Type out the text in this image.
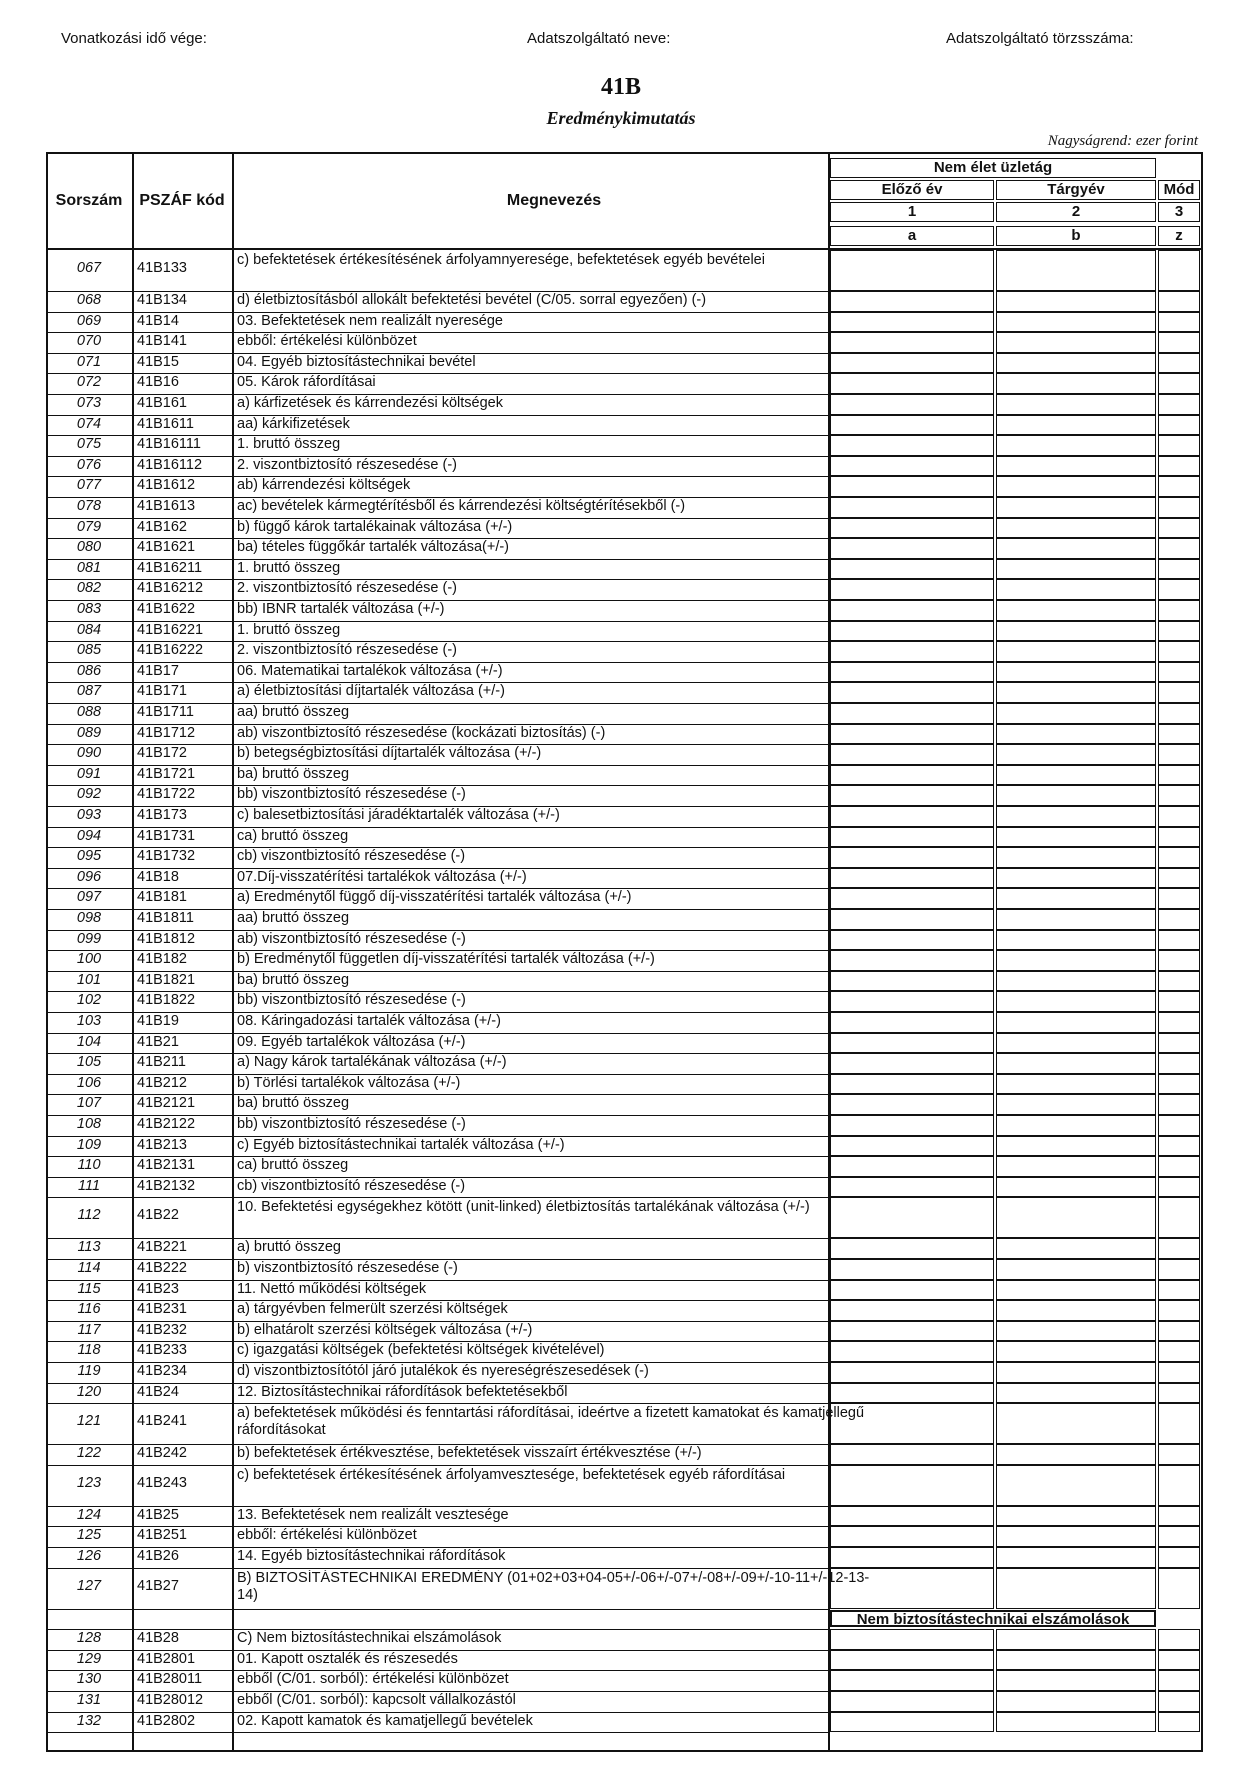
Vonatkozási idő vége:	Adatszolgáltató neve:	Adatszolgáltató törzsszáma:
41B
Eredménykimutatás
Nagyságrend: ezer forint
Sorszám	PSZÁF kód	Megnevezés
Nem élet üzletág
Előző év	Tárgyév	Mód
1	2	3
a	b	z
067	41B133	c) befektetések értékesítésének árfolyamnyeresége, befektetések egyéb bevételei
068	41B134	d) életbiztosításból allokált befektetési bevétel (C/05. sorral egyezően) (-)
069	41B14	03. Befektetések nem realizált nyeresége
070	41B141	ebből: értékelési különbözet
071	41B15	04. Egyéb biztosítástechnikai bevétel
072	41B16	05. Károk ráfordításai
073	41B161	a) kárfizetések és kárrendezési költségek
074	41B1611	aa) kárkifizetések
075	41B16111	1. bruttó összeg
076	41B16112	2. viszontbiztosító részesedése (-)
077	41B1612	ab) kárrendezési költségek
078	41B1613	ac) bevételek kármegtérítésből és kárrendezési költségtérítésekből (-)
079	41B162	b) függő károk tartalékainak változása (+/-)
080	41B1621	ba) tételes függőkár tartalék változása(+/-)
081	41B16211	1. bruttó összeg
082	41B16212	2. viszontbiztosító részesedése (-)
083	41B1622	bb) IBNR tartalék változása (+/-)
084	41B16221	1. bruttó összeg
085	41B16222	2. viszontbiztosító részesedése (-)
086	41B17	06. Matematikai tartalékok változása (+/-)
087	41B171	a) életbiztosítási díjtartalék változása (+/-)
088	41B1711	aa) bruttó összeg
089	41B1712	ab) viszontbiztosító részesedése (kockázati biztosítás) (-)
090	41B172	b) betegségbiztosítási díjtartalék változása (+/-)
091	41B1721	ba) bruttó összeg
092	41B1722	bb) viszontbiztosító részesedése (-)
093	41B173	c) balesetbiztosítási járadéktartalék változása (+/-)
094	41B1731	ca) bruttó összeg
095	41B1732	cb) viszontbiztosító részesedése (-)
096	41B18	07.Díj-visszatérítési tartalékok változása (+/-)
097	41B181	a) Eredménytől függő díj-visszatérítési tartalék változása (+/-)
098	41B1811	aa) bruttó összeg
099	41B1812	ab) viszontbiztosító részesedése (-)
100	41B182	b) Eredménytől független díj-visszatérítési tartalék változása (+/-)
101	41B1821	ba) bruttó összeg
102	41B1822	bb) viszontbiztosító részesedése (-)
103	41B19	08. Káringadozási tartalék változása (+/-)
104	41B21	09. Egyéb tartalékok változása (+/-)
105	41B211	a) Nagy károk tartalékának változása (+/-)
106	41B212	b) Törlési tartalékok változása (+/-)
107	41B2121	ba) bruttó összeg
108	41B2122	bb) viszontbiztosító részesedése (-)
109	41B213	c) Egyéb biztosítástechnikai tartalék változása (+/-)
110	41B2131	ca) bruttó összeg
111	41B2132	cb) viszontbiztosító részesedése (-)
112	41B22	10. Befektetési egységekhez kötött (unit-linked) életbiztosítás tartalékának változása (+/-)
113	41B221	a) bruttó összeg
114	41B222	b) viszontbiztosító részesedése (-)
115	41B23	11. Nettó működési költségek
116	41B231	a) tárgyévben felmerült szerzési költségek
117	41B232	b) elhatárolt szerzési költségek változása (+/-)
118	41B233	c) igazgatási költségek (befektetési költségek kivételével)
119	41B234	d) viszontbiztosítótól járó jutalékok és nyereségrészesedések (-)
120	41B24	12. Biztosítástechnikai ráfordítások befektetésekből
121	41B241	a) befektetések működési és fenntartási ráfordításai, ideértve a fizetett kamatokat és kamatjellegű ráfordításokat
122	41B242	b) befektetések értékvesztése, befektetések visszaírt értékvesztése (+/-)
123	41B243	c) befektetések értékesítésének árfolyamvesztesége, befektetések egyéb ráfordításai
124	41B25	13. Befektetések nem realizált vesztesége
125	41B251	ebből: értékelési különbözet
126	41B26	14. Egyéb biztosítástechnikai ráfordítások
127	41B27	B) BIZTOSÍTÁSTECHNIKAI EREDMÉNY (01+02+03+04-05+/-06+/-07+/-08+/-09+/-10-11+/-12-13-14)
Nem biztosítástechnikai elszámolások
128	41B28	C) Nem biztosítástechnikai elszámolások
129	41B2801	01. Kapott osztalék és részesedés
130	41B28011	ebből (C/01. sorból): értékelési különbözet
131	41B28012	ebből (C/01. sorból): kapcsolt vállalkozástól
132	41B2802	02. Kapott kamatok és kamatjellegű bevételek
